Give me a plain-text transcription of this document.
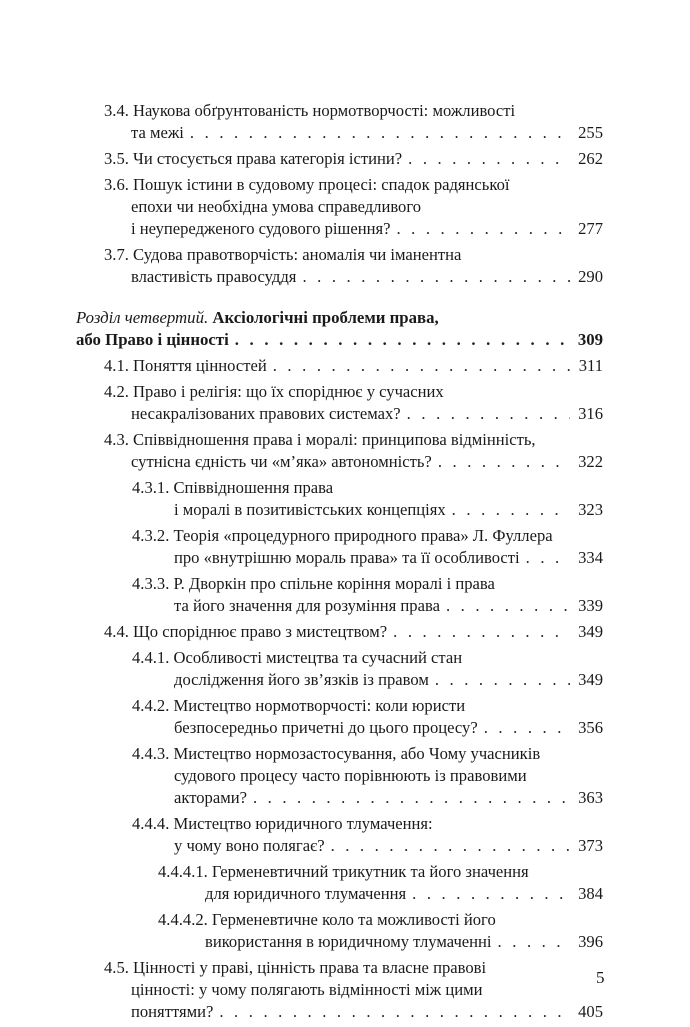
3.4. Наукова обґрунтованість нормотворчості: можливості
та межі . . .	255
3.5. Чи стосується права категорія істини? . . .	262
3.6. Пошук істини в судовому процесі: спадок радянської
епохи чи необхідна умова справедливого
і неупередженого судового рішення? . . .	277
3.7. Судова правотворчість: аномалія чи іманентна
властивість правосуддя . . .	290
Розділ четвертий. Аксіологічні проблеми права,
або Право і цінності . . .	309
4.1. Поняття цінностей . . .	311
4.2. Право і релігія: що їх споріднює у сучасних
несакралізованих правових системах? . . .	316
4.3. Співвідношення права і моралі: принципова відмінність,
сутнісна єдність чи «м’яка» автономність? . . .	322
4.3.1. Співвідношення права
і моралі в позитивістських концепціях . . .	323
4.3.2. Теорія «процедурного природного права» Л. Фуллера
про «внутрішню мораль права» та її особливості . . .	334
4.3.3. Р. Дворкін про спільне коріння моралі і права
та його значення для розуміння права . . .	339
4.4. Що споріднює право з мистецтвом? . . .	349
4.4.1. Особливості мистецтва та сучасний стан
дослідження його зв’язків із правом . . .	349
4.4.2. Мистецтво нормотворчості: коли юристи
безпосередньо причетні до цього процесу? . . .	356
4.4.3. Мистецтво нормозастосування, або Чому учасників
судового процесу часто порівнюють із правовими
акторами? . . .	363
4.4.4. Мистецтво юридичного тлумачення:
у чому воно полягає? . . .	373
4.4.4.1. Герменевтичний трикутник та його значення
для юридичного тлумачення . . .	384
4.4.4.2. Герменевтичне коло та можливості його
використання в юридичному тлумаченні . . .	396
4.5. Цінності у праві, цінність права та власне правові
цінності: у чому полягають відмінності між цими
поняттями? . . .	405
5
